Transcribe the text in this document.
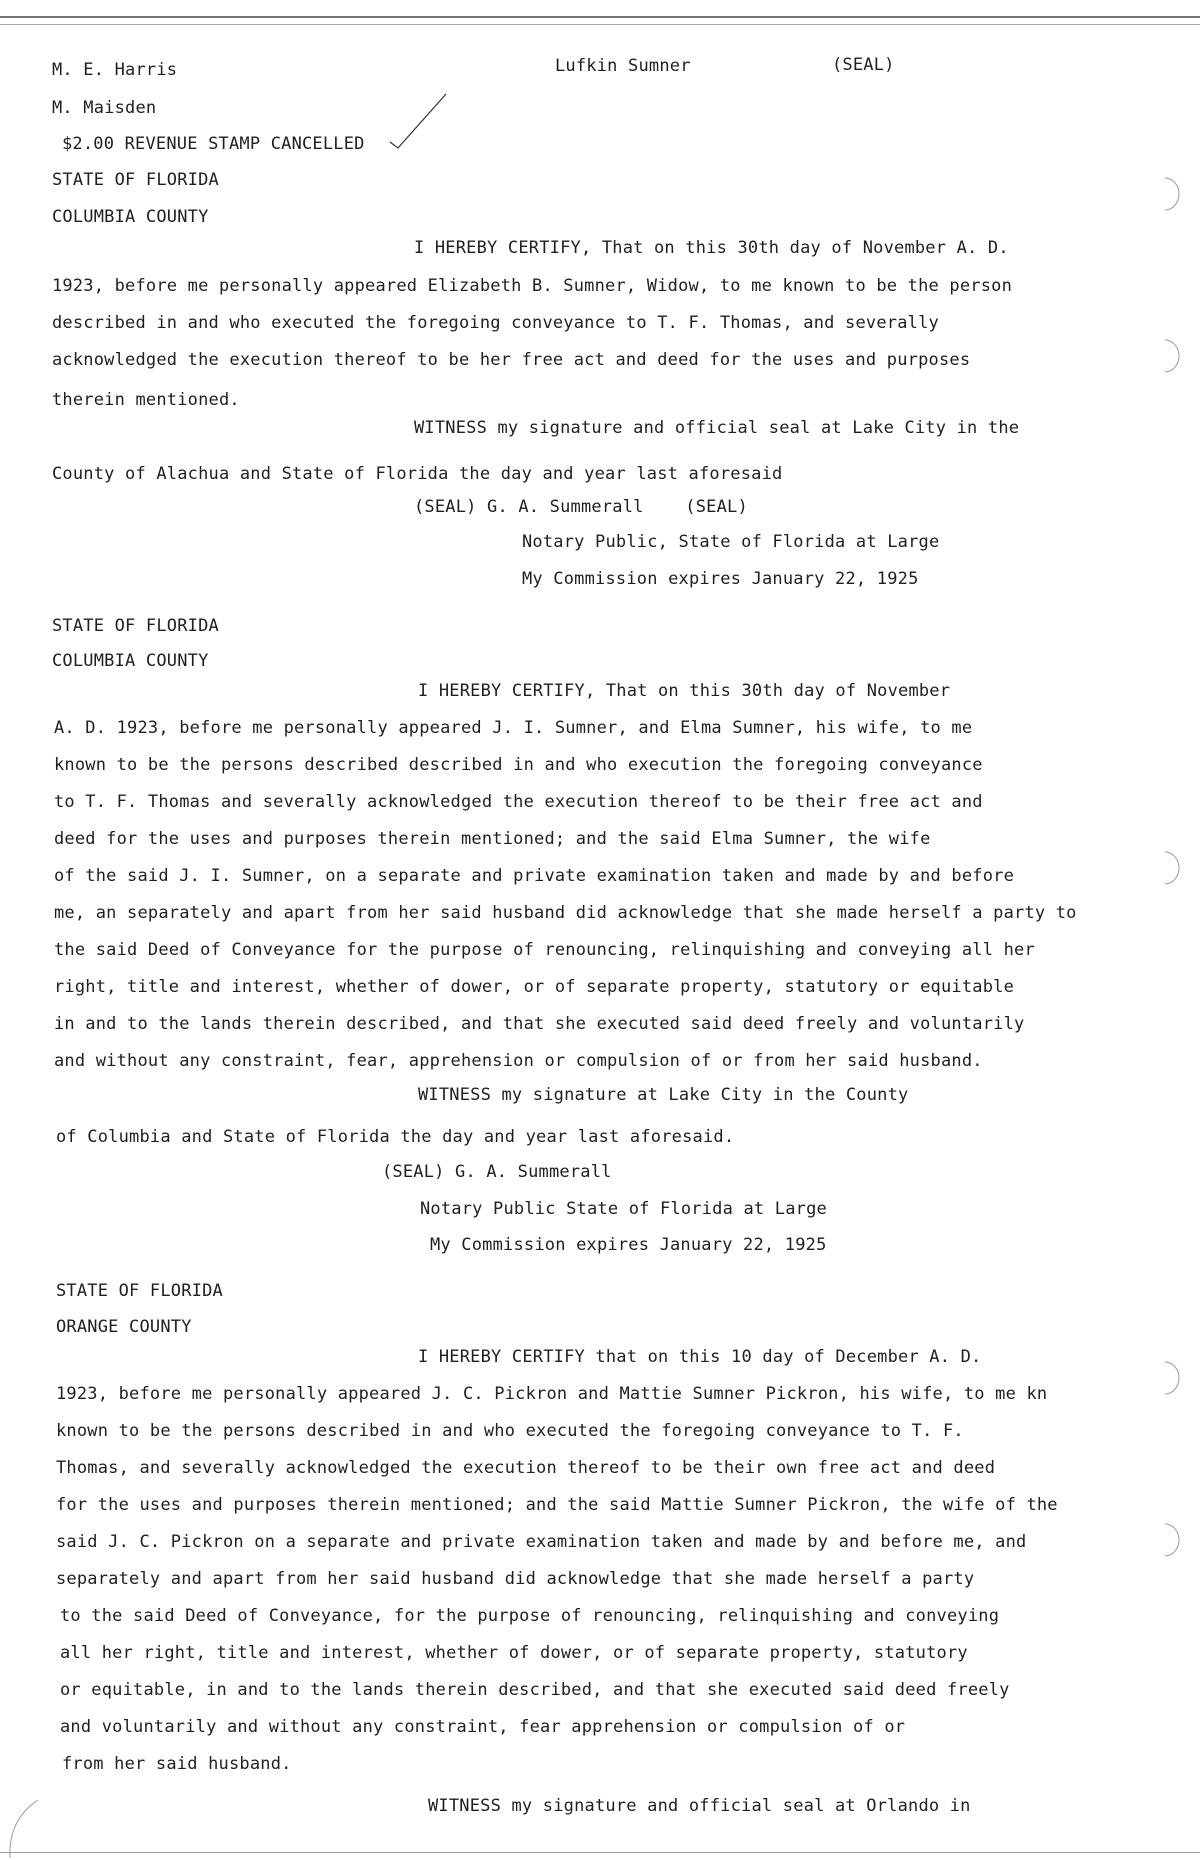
M. E. Harris	Lufkin Sumner	(SEAL)
M. Maisden
$2.00 REVENUE STAMP CANCELLED
STATE OF FLORIDA
COLUMBIA COUNTY
I HEREBY CERTIFY, That on this 30th day of November A. D.
1923, before me personally appeared Elizabeth B. Sumner, Widow, to me known to be the person
described in and who executed the foregoing conveyance to T. F. Thomas, and severally
acknowledged the execution thereof to be her free act and deed for the uses and purposes
therein mentioned.
WITNESS my signature and official seal at Lake City in the
County of Alachua and State of Florida the day and year last aforesaid
(SEAL) G. A. Summerall    (SEAL)
Notary Public, State of Florida at Large
My Commission expires January 22, 1925
STATE OF FLORIDA
COLUMBIA COUNTY
I HEREBY CERTIFY, That on this 30th day of November
A. D. 1923, before me personally appeared J. I. Sumner, and Elma Sumner, his wife, to me
known to be the persons described described in and who execution the foregoing conveyance
to T. F. Thomas and severally acknowledged the execution thereof to be their free act and
deed for the uses and purposes therein mentioned; and the said Elma Sumner, the wife
of the said J. I. Sumner, on a separate and private examination taken and made by and before
me, an separately and apart from her said husband did acknowledge that she made herself a party to
the said Deed of Conveyance for the purpose of renouncing, relinquishing and conveying all her
right, title and interest, whether of dower, or of separate property, statutory or equitable
in and to the lands therein described, and that she executed said deed freely and voluntarily
and without any constraint, fear, apprehension or compulsion of or from her said husband.
WITNESS my signature at Lake City in the County
of Columbia and State of Florida the day and year last aforesaid.
(SEAL) G. A. Summerall
Notary Public State of Florida at Large
My Commission expires January 22, 1925
STATE OF FLORIDA
ORANGE COUNTY
I HEREBY CERTIFY that on this 10 day of December A. D.
1923, before me personally appeared J. C. Pickron and Mattie Sumner Pickron, his wife, to me kn
known to be the persons described in and who executed the foregoing conveyance to T. F.
Thomas, and severally acknowledged the execution thereof to be their own free act and deed
for the uses and purposes therein mentioned; and the said Mattie Sumner Pickron, the wife of the
said J. C. Pickron on a separate and private examination taken and made by and before me, and
separately and apart from her said husband did acknowledge that she made herself a party
to the said Deed of Conveyance, for the purpose of renouncing, relinquishing and conveying
all her right, title and interest, whether of dower, or of separate property, statutory
or equitable, in and to the lands therein described, and that she executed said deed freely
and voluntarily and without any constraint, fear apprehension or compulsion of or
from her said husband.
WITNESS my signature and official seal at Orlando in
